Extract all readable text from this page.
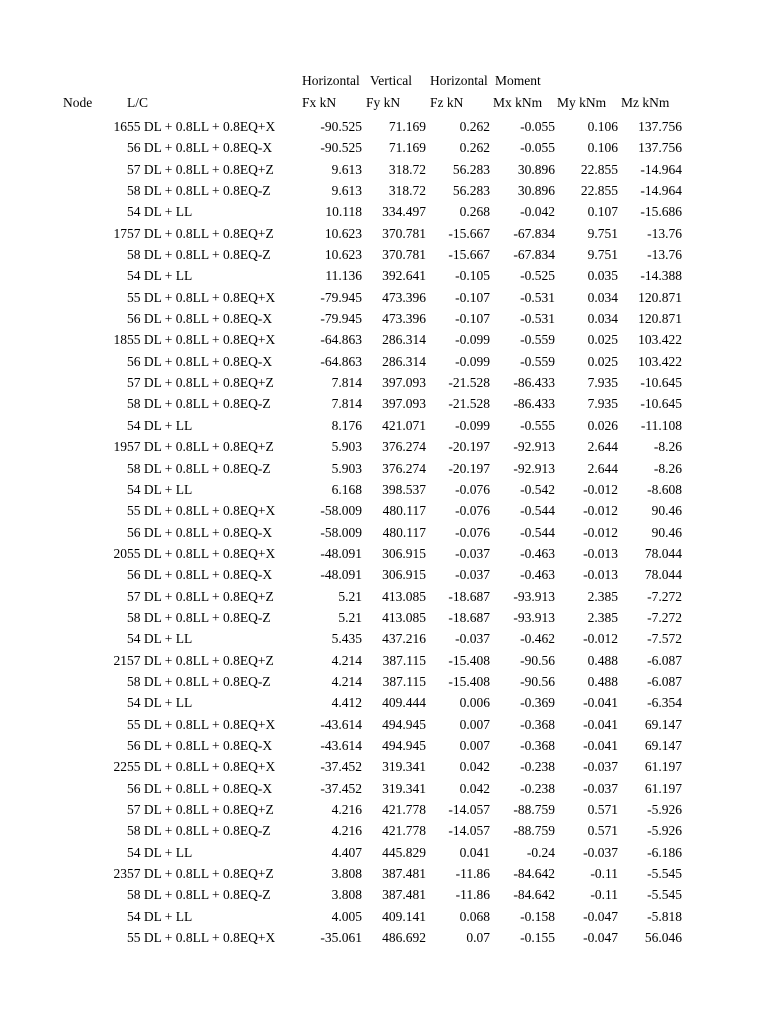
Horizontal Vertical Horizontal Moment
Node	L/C	Fx kN Fy kN Fz kN Mx kNm My kNm Mz kNm
16 55 DL + 0.8LL + 0.8EQ+X	-90.525 71.169 0.262 -0.055 0.106 137.756
56 DL + 0.8LL + 0.8EQ-X	-90.525 71.169 0.262 -0.055 0.106 137.756
57 DL + 0.8LL + 0.8EQ+Z	9.613 318.72 56.283 30.896 22.855 -14.964
58 DL + 0.8LL + 0.8EQ-Z	9.613 318.72 56.283 30.896 22.855 -14.964
54 DL + LL	10.118 334.497 0.268 -0.042 0.107 -15.686
17 57 DL + 0.8LL + 0.8EQ+Z	10.623 370.781 -15.667 -67.834 9.751 -13.76
58 DL + 0.8LL + 0.8EQ-Z	10.623 370.781 -15.667 -67.834 9.751 -13.76
54 DL + LL	11.136 392.641 -0.105 -0.525 0.035 -14.388
55 DL + 0.8LL + 0.8EQ+X	-79.945 473.396 -0.107 -0.531 0.034 120.871
56 DL + 0.8LL + 0.8EQ-X	-79.945 473.396 -0.107 -0.531 0.034 120.871
18 55 DL + 0.8LL + 0.8EQ+X	-64.863 286.314 -0.099 -0.559 0.025 103.422
56 DL + 0.8LL + 0.8EQ-X	-64.863 286.314 -0.099 -0.559 0.025 103.422
57 DL + 0.8LL + 0.8EQ+Z	7.814 397.093 -21.528 -86.433 7.935 -10.645
58 DL + 0.8LL + 0.8EQ-Z	7.814 397.093 -21.528 -86.433 7.935 -10.645
54 DL + LL	8.176 421.071 -0.099 -0.555 0.026 -11.108
19 57 DL + 0.8LL + 0.8EQ+Z	5.903 376.274 -20.197 -92.913 2.644	-8.26
58 DL + 0.8LL + 0.8EQ-Z	5.903 376.274 -20.197 -92.913 2.644	-8.26
54 DL + LL	6.168 398.537 -0.076 -0.542 -0.012 -8.608
55 DL + 0.8LL + 0.8EQ+X	-58.009 480.117 -0.076 -0.544 -0.012 90.46
56 DL + 0.8LL + 0.8EQ-X	-58.009 480.117 -0.076 -0.544 -0.012 90.46
20 55 DL + 0.8LL + 0.8EQ+X	-48.091 306.915 -0.037 -0.463 -0.013 78.044
56 DL + 0.8LL + 0.8EQ-X	-48.091 306.915 -0.037 -0.463 -0.013 78.044
57 DL + 0.8LL + 0.8EQ+Z	5.21 413.085 -18.687 -93.913 2.385 -7.272
58 DL + 0.8LL + 0.8EQ-Z	5.21 413.085 -18.687 -93.913 2.385 -7.272
54 DL + LL	5.435 437.216 -0.037 -0.462 -0.012 -7.572
21 57 DL + 0.8LL + 0.8EQ+Z	4.214 387.115 -15.408 -90.56 0.488 -6.087
58 DL + 0.8LL + 0.8EQ-Z	4.214 387.115 -15.408 -90.56 0.488 -6.087
54 DL + LL	4.412 409.444 0.006 -0.369 -0.041 -6.354
55 DL + 0.8LL + 0.8EQ+X	-43.614 494.945 0.007 -0.368 -0.041 69.147
56 DL + 0.8LL + 0.8EQ-X	-43.614 494.945 0.007 -0.368 -0.041 69.147
22 55 DL + 0.8LL + 0.8EQ+X	-37.452 319.341 0.042 -0.238 -0.037 61.197
56 DL + 0.8LL + 0.8EQ-X	-37.452 319.341 0.042 -0.238 -0.037 61.197
57 DL + 0.8LL + 0.8EQ+Z	4.216 421.778 -14.057 -88.759 0.571 -5.926
58 DL + 0.8LL + 0.8EQ-Z	4.216 421.778 -14.057 -88.759 0.571 -5.926
54 DL + LL	4.407 445.829 0.041	-0.24 -0.037 -6.186
23 57 DL + 0.8LL + 0.8EQ+Z	3.808 387.481 -11.86 -84.642	-0.11 -5.545
58 DL + 0.8LL + 0.8EQ-Z	3.808 387.481 -11.86 -84.642	-0.11 -5.545
54 DL + LL	4.005 409.141 0.068 -0.158 -0.047 -5.818
55 DL + 0.8LL + 0.8EQ+X	-35.061 486.692	0.07 -0.155 -0.047 56.046
